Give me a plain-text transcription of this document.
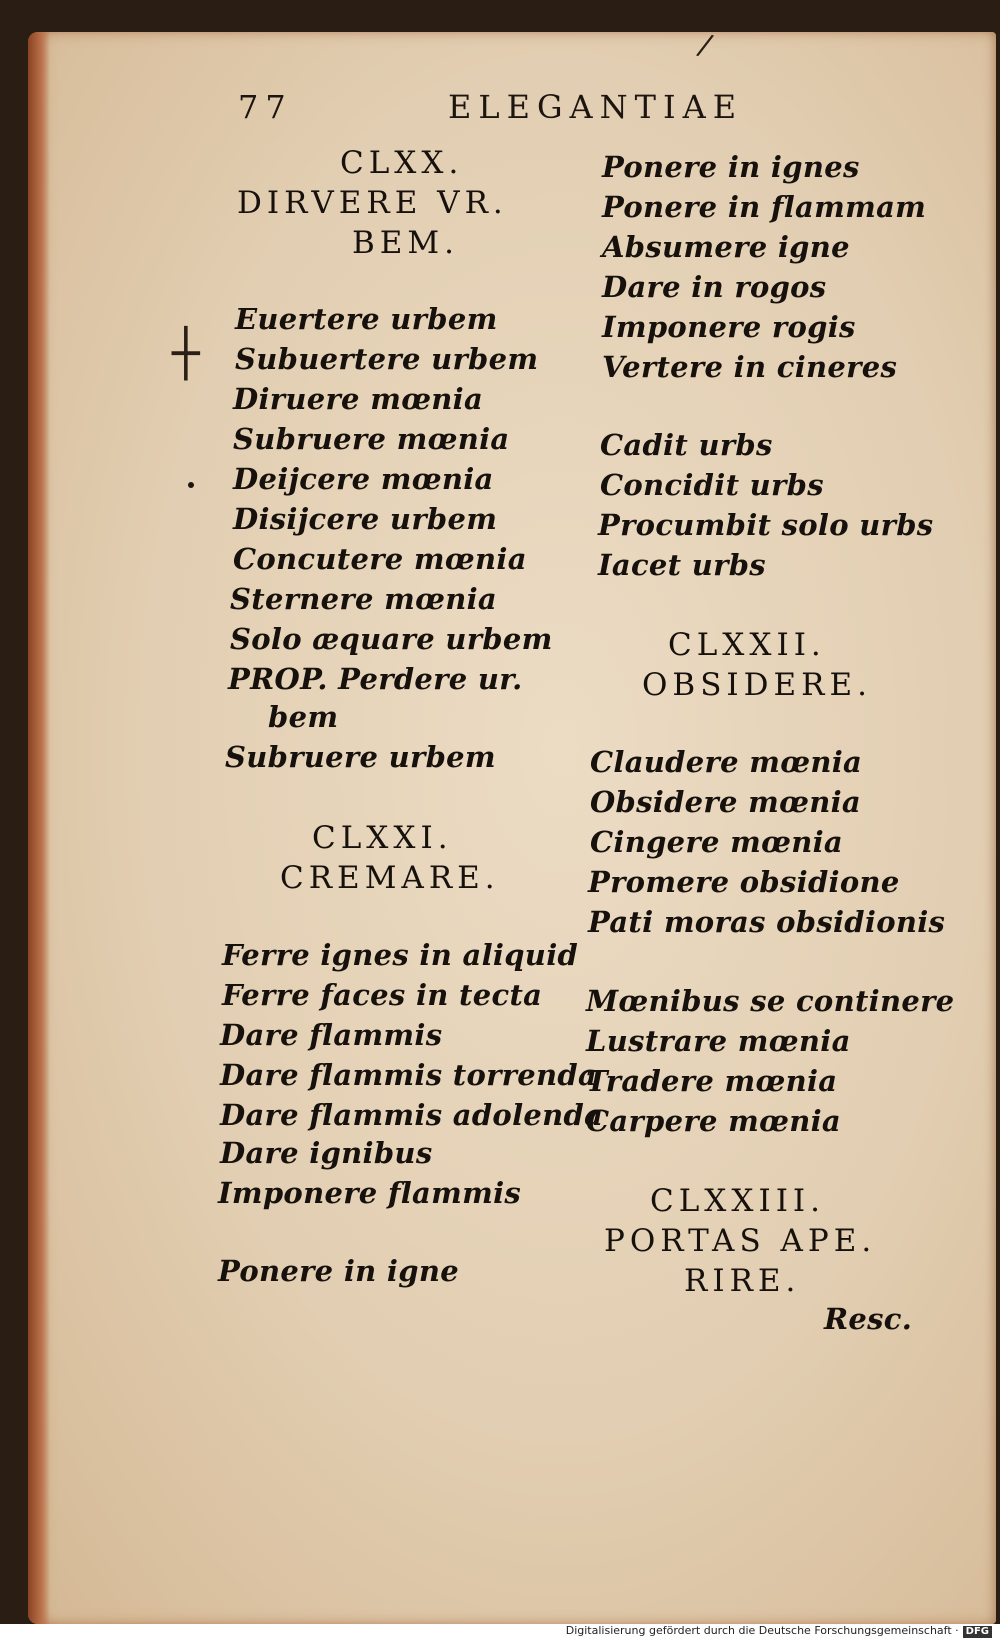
77	ELEGANTIAE
CLXX.
DIRVERE VR.
BEM.
Euertere urbem
Subuertere urbem
Diruere mœnia
Subruere mœnia
Deijcere mœnia
Disijcere urbem
Concutere mœnia
Sternere mœnia
Solo æquare urbem
PROP. Perdere ur.
bem
Subruere urbem
CLXXI.
CREMARE.
Ferre ignes in aliquid
Ferre faces in tecta
Dare flammis
Dare flammis torrenda
Dare flammis adolenda
Dare ignibus
Imponere flammis
Ponere in igne
Ponere in ignes
Ponere in flammam
Absumere igne
Dare in rogos
Imponere rogis
Vertere in cineres
Cadit urbs
Concidit urbs
Procumbit solo urbs
Iacet urbs
CLXXII.
OBSIDERE.
Claudere mœnia
Obsidere mœnia
Cingere mœnia
Promere obsidione
Pati moras obsidionis
Mœnibus se continere
Lustrare mœnia
Tradere mœnia
Carpere mœnia
CLXXIII.
PORTAS APE.
RIRE.
Resc.
┼
/
Digitalisierung gefördert durch die Deutsche Forschungsgemeinschaft · DFG
